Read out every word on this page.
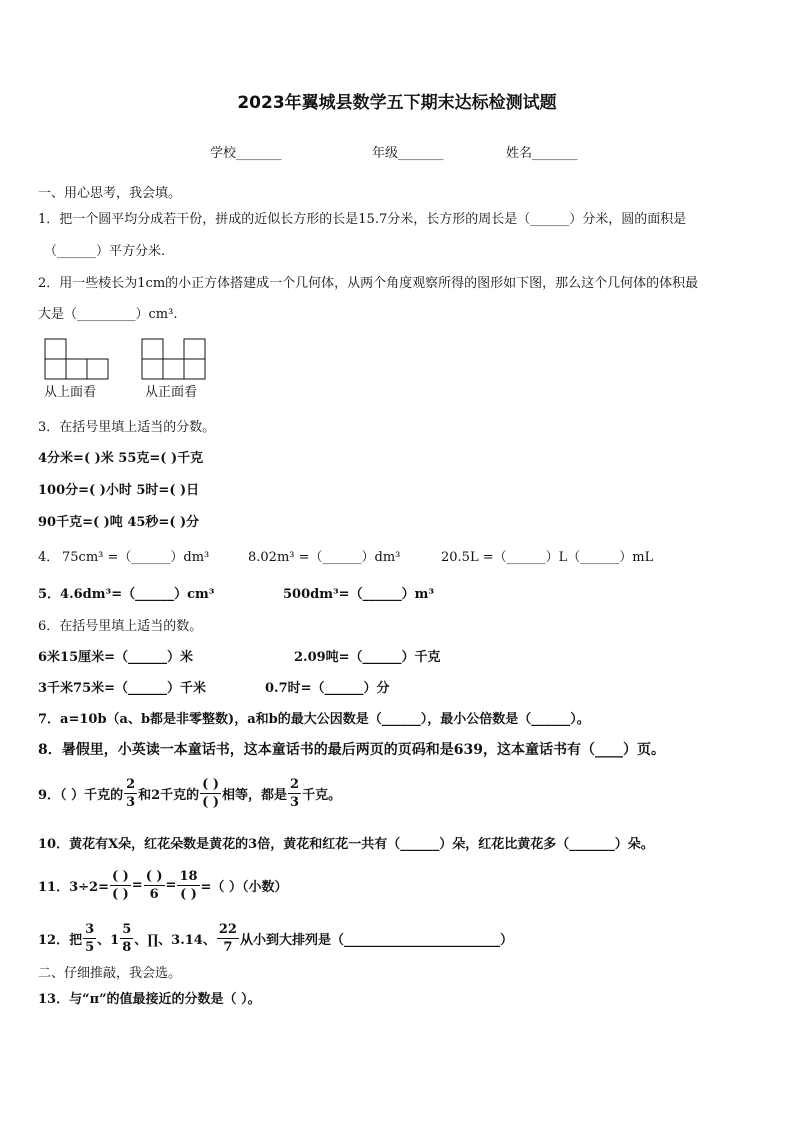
2023年翼城县数学五下期末达标检测试题
学校_______	年级_______	姓名_______
一、用心思考，我会填。
1．把一个圆平均分成若干份，拼成的近似长方形的长是15.7分米，长方形的周长是（______）分米，圆的面积是
（______）平方分米.
2．用一些棱长为1cm的小正方体搭建成一个几何体，从两个角度观察所得的图形如下图，那么这个几何体的体积最
大是（_________）cm³.
从上面看	从正面看
3．在括号里填上适当的分数。
4分米=( )米 55克=( )千克
100分=( )小时 5时=( )日
90千克=( )吨 45秒=( )分
4． 75cm³ =（______）dm³	8.02m³ =（______）dm³	20.5L =（______）L（______）mL
5．4.6dm³=（______）cm³	500dm³=（______）m³
6．在括号里填上适当的数。
6米15厘米=（______）米	2.09吨=（______）千克
3千米75米=（______）千米	0.7时=（______）分
7．a=10b（a、b都是非零整数)，a和b的最大公因数是（______），最小公倍数是（______）。
8．暑假里，小英读一本童话书，这本童话书的最后两页的页码和是639，这本童话书有（____）页。
9．（ ）千克的 $\frac{2}{3}$ 和2千克的 $\frac{( )}{( )}$ 相等，都是 $\frac{2}{3}$ 千克。
10．黄花有X朵，红花朵数是黄花的3倍，黄花和红花一共有（______）朵，红花比黄花多（_______）朵。
11．$3\div 2= \frac{( )}{( )} = \frac{( )}{6} = \frac{18}{( )}$ =（ ）（小数）
12．把 $\frac{3}{5}$ 、$1 \frac{5}{8}$ 、∏、3.14、 $\frac{22}{7}$ 从小到大排列是（________________________）
二、仔细推敲，我会选。
13．与“π”的值最接近的分数是（ ）。
